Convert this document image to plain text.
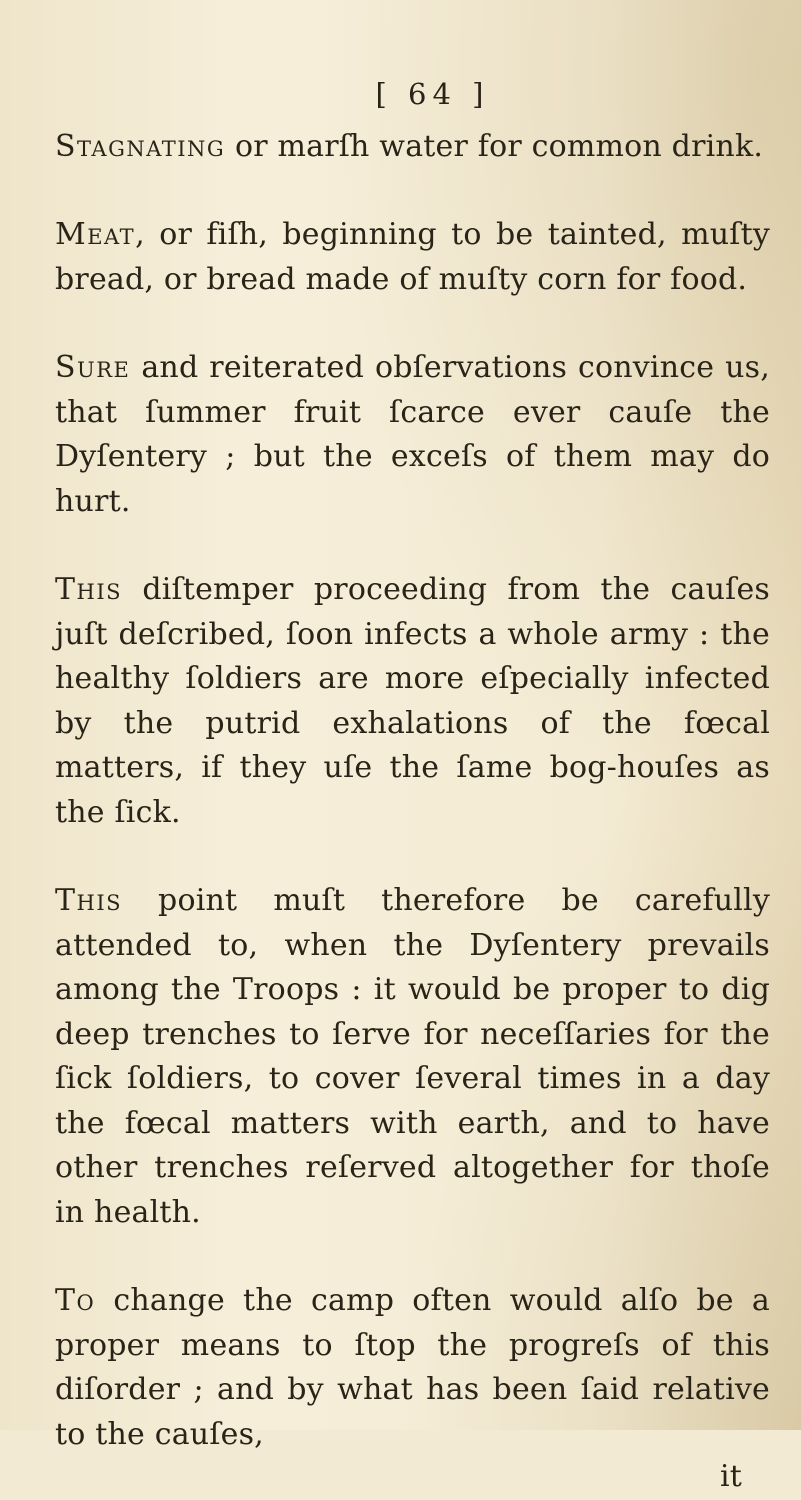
[ 64 ]

Stagnating or marſh water for common drink.

Meat, or fiſh, beginning to be tainted, muſty bread, or bread made of muſty corn for food.

Sure and reiterated obſervations convince us, that ſummer fruit ſcarce ever cauſe the Dyſentery ; but the exceſs of them may do hurt.

This diſtemper proceeding from the cauſes juſt deſcribed, ſoon infects a whole army : the healthy ſoldiers are more eſpecially infected by the putrid exhalations of the fœcal matters, if they uſe the ſame bog-houſes as the ſick.

This point muſt therefore be carefully attended to, when the Dyſentery prevails among the Troops : it would be proper to dig deep trenches to ſerve for neceſſaries for the ſick ſoldiers, to cover ſeveral times in a day the fœcal matters with earth, and to have other trenches reſerved altogether for thoſe in health.

To change the camp often would alſo be a proper means to ſtop the progreſs of this diſorder ; and by what has been ſaid relative to the cauſes,

it
